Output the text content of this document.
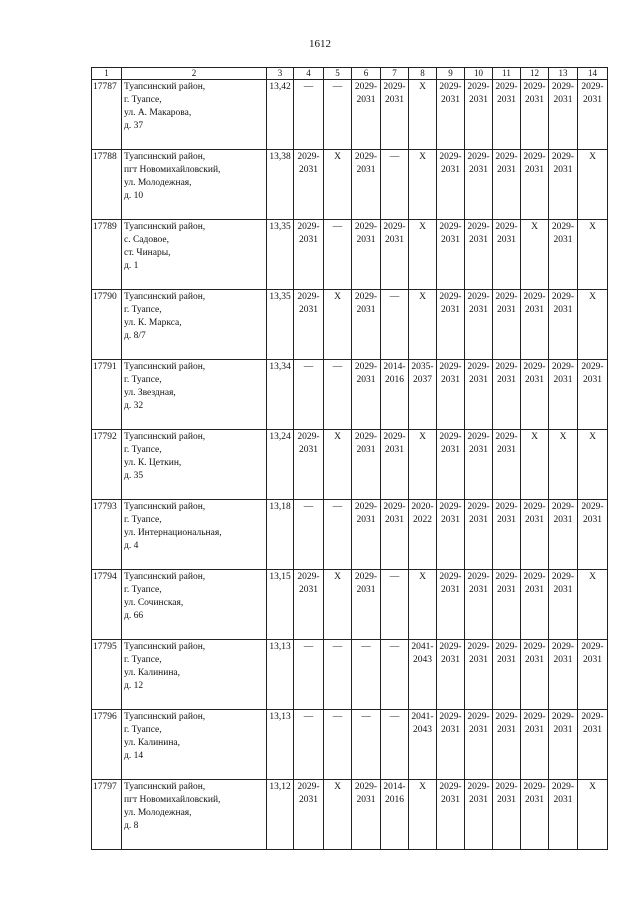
1612
1	2	3	4	5	6	7	8	9	10	11	12	13	14
17787	Туапсинский район,
г. Туапсе,
ул. А. Макарова,
д. 37	13,42	—	—	2029-2031	2029-2031	X	2029-2031	2029-2031	2029-2031	2029-2031	2029-2031	2029-2031
17788	Туапсинский район,
пгт Новомихайловский,
ул. Молодежная,
д. 10	13,38	2029-2031	X	2029-2031	—	X	2029-2031	2029-2031	2029-2031	2029-2031	2029-2031	X
17789	Туапсинский район,
с. Садовое,
ст. Чинары,
д. 1	13,35	2029-2031	—	2029-2031	2029-2031	X	2029-2031	2029-2031	2029-2031	X	2029-2031	X
17790	Туапсинский район,
г. Туапсе,
ул. К. Маркса,
д. 8/7	13,35	2029-2031	X	2029-2031	—	X	2029-2031	2029-2031	2029-2031	2029-2031	2029-2031	X
17791	Туапсинский район,
г. Туапсе,
ул. Звездная,
д. 32	13,34	—	—	2029-2031	2014-2016	2035-2037	2029-2031	2029-2031	2029-2031	2029-2031	2029-2031	2029-2031
17792	Туапсинский район,
г. Туапсе,
ул. К. Цеткин,
д. 35	13,24	2029-2031	X	2029-2031	2029-2031	X	2029-2031	2029-2031	2029-2031	X	X	X
17793	Туапсинский район,
г. Туапсе,
ул. Интернациональная,
д. 4	13,18	—	—	2029-2031	2029-2031	2020-2022	2029-2031	2029-2031	2029-2031	2029-2031	2029-2031	2029-2031
17794	Туапсинский район,
г. Туапсе,
ул. Сочинская,
д. 66	13,15	2029-2031	X	2029-2031	—	X	2029-2031	2029-2031	2029-2031	2029-2031	2029-2031	X
17795	Туапсинский район,
г. Туапсе,
ул. Калинина,
д. 12	13,13	—	—	—	—	2041-2043	2029-2031	2029-2031	2029-2031	2029-2031	2029-2031	2029-2031
17796	Туапсинский район,
г. Туапсе,
ул. Калинина,
д. 14	13,13	—	—	—	—	2041-2043	2029-2031	2029-2031	2029-2031	2029-2031	2029-2031	2029-2031
17797	Туапсинский район,
пгт Новомихайловский,
ул. Молодежная,
д. 8	13,12	2029-2031	X	2029-2031	2014-2016	X	2029-2031	2029-2031	2029-2031	2029-2031	2029-2031	X
